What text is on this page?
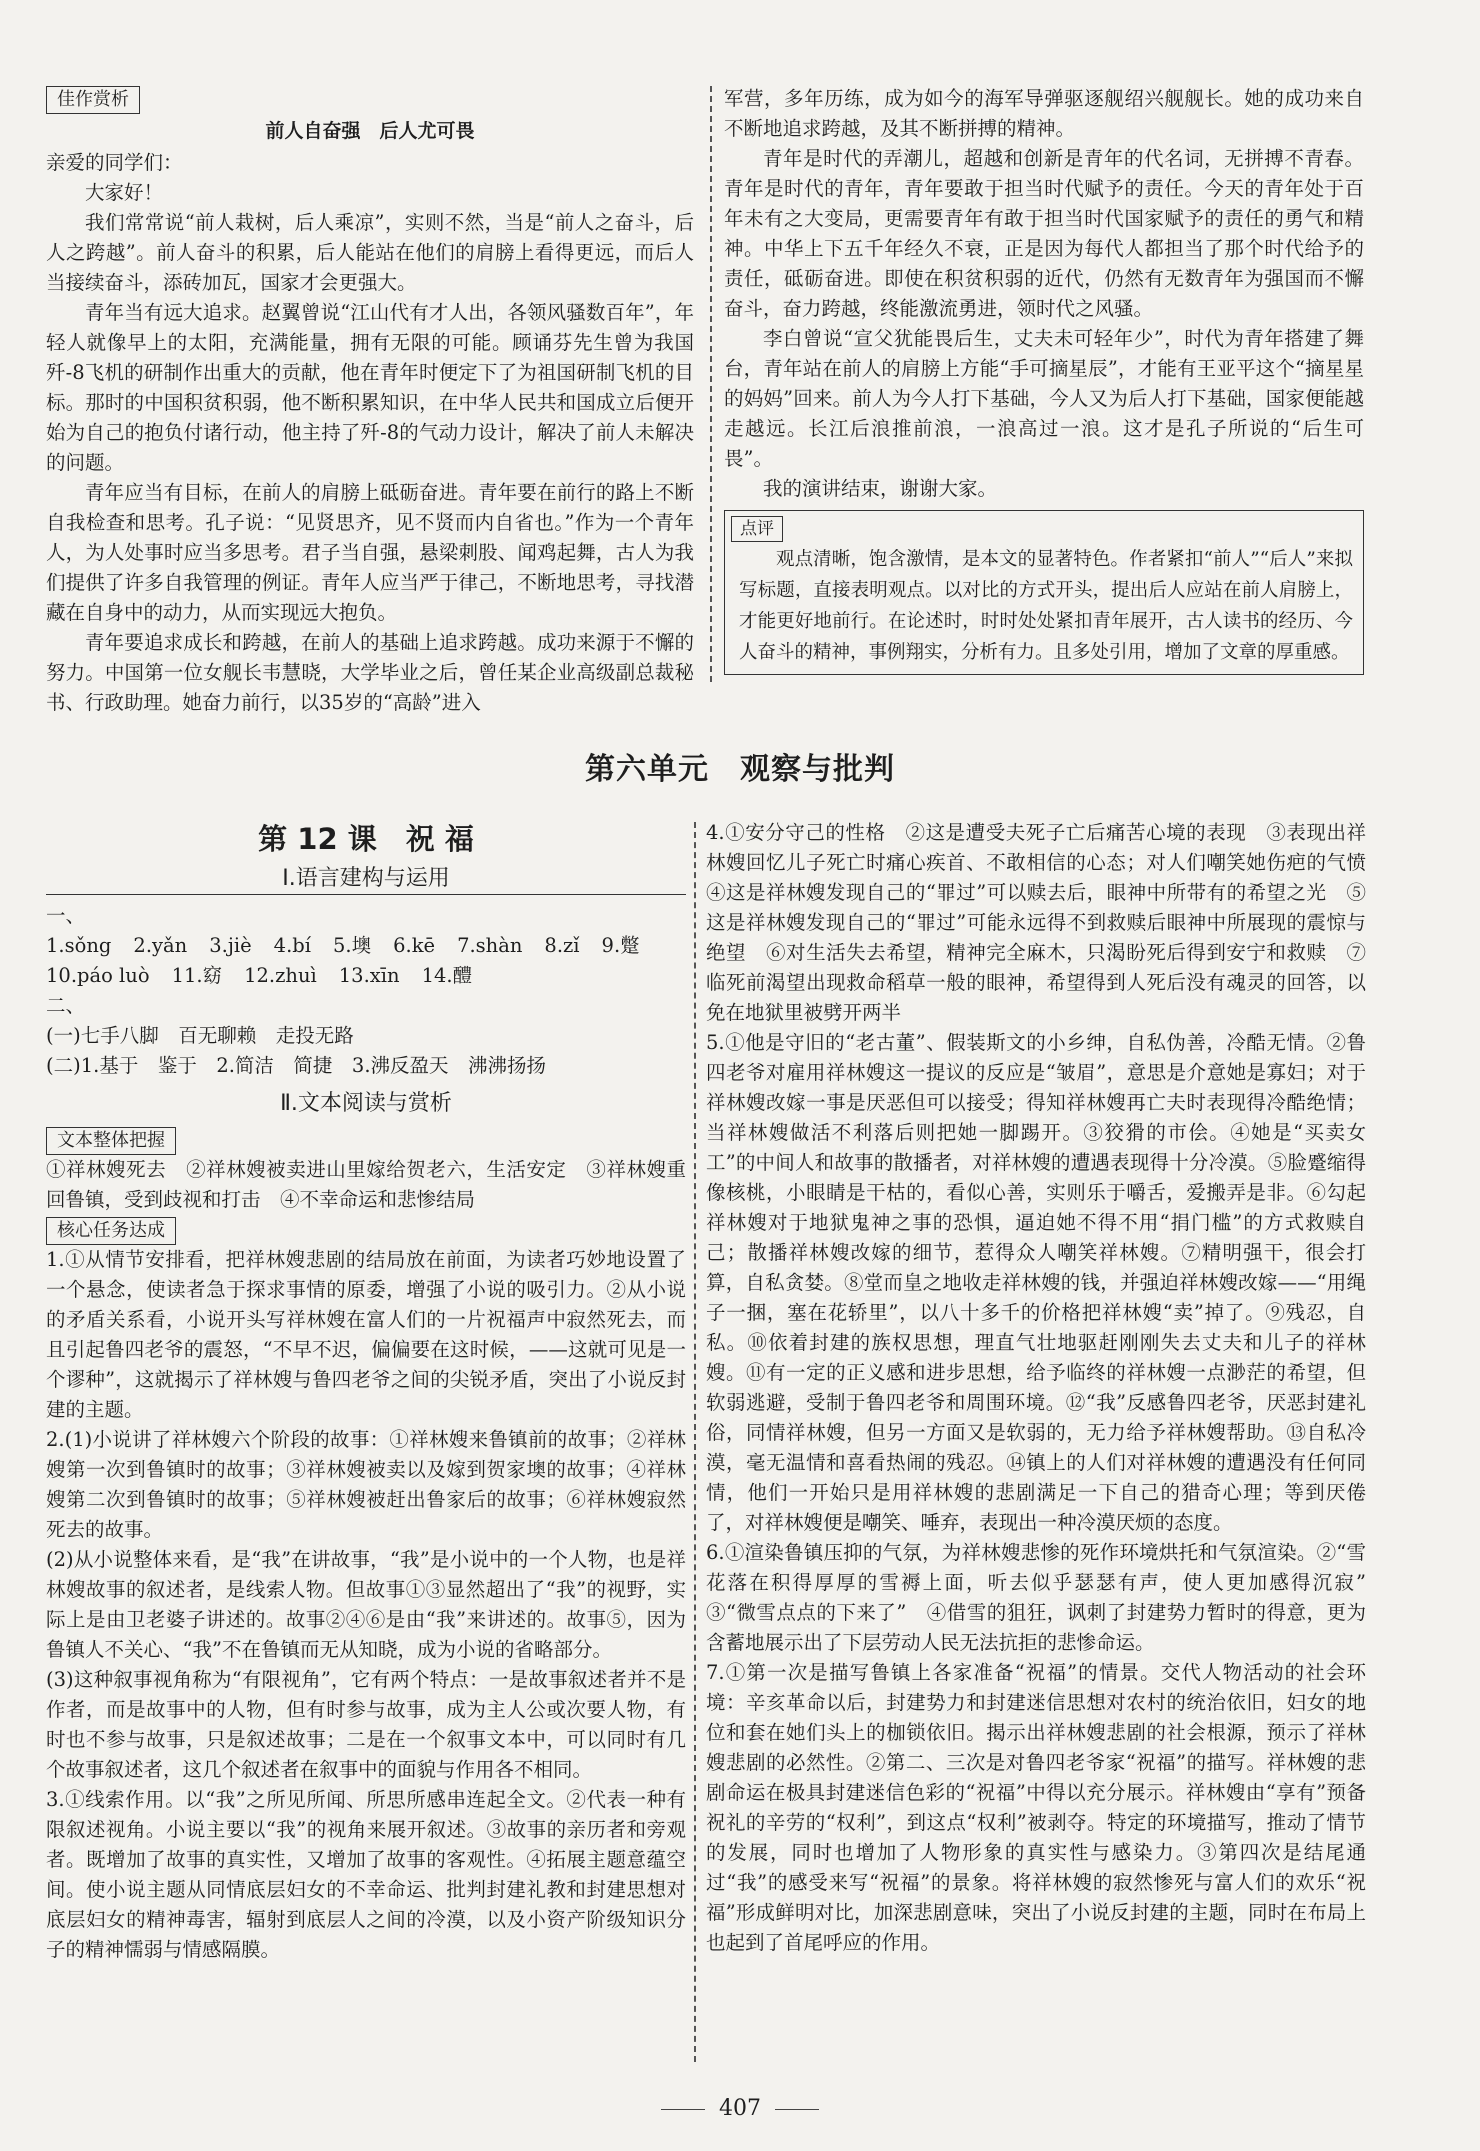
佳作赏析
前人自奋强　后人尤可畏

亲爱的同学们：

大家好！

我们常常说“前人栽树，后人乘凉”，实则不然，当是“前人之奋斗，后人之跨越”。前人奋斗的积累，后人能站在他们的肩膀上看得更远，而后人当接续奋斗，添砖加瓦，国家才会更强大。

青年当有远大追求。赵翼曾说“江山代有才人出，各领风骚数百年”，年轻人就像早上的太阳，充满能量，拥有无限的可能。顾诵芬先生曾为我国歼-8飞机的研制作出重大的贡献，他在青年时便定下了为祖国研制飞机的目标。那时的中国积贫积弱，他不断积累知识，在中华人民共和国成立后便开始为自己的抱负付诸行动，他主持了歼-8的气动力设计，解决了前人未解决的问题。

青年应当有目标，在前人的肩膀上砥砺奋进。青年要在前行的路上不断自我检查和思考。孔子说：“见贤思齐，见不贤而内自省也。”作为一个青年人，为人处事时应当多思考。君子当自强，悬梁刺股、闻鸡起舞，古人为我们提供了许多自我管理的例证。青年人应当严于律己，不断地思考，寻找潜藏在自身中的动力，从而实现远大抱负。

青年要追求成长和跨越，在前人的基础上追求跨越。成功来源于不懈的努力。中国第一位女舰长韦慧晓，大学毕业之后，曾任某企业高级副总裁秘书、行政助理。她奋力前行，以35岁的“高龄”进入

军营，多年历练，成为如今的海军导弹驱逐舰绍兴舰舰长。她的成功来自不断地追求跨越，及其不断拼搏的精神。

青年是时代的弄潮儿，超越和创新是青年的代名词，无拼搏不青春。青年是时代的青年，青年要敢于担当时代赋予的责任。今天的青年处于百年未有之大变局，更需要青年有敢于担当时代国家赋予的责任的勇气和精神。中华上下五千年经久不衰，正是因为每代人都担当了那个时代给予的责任，砥砺奋进。即使在积贫积弱的近代，仍然有无数青年为强国而不懈奋斗，奋力跨越，终能激流勇进，领时代之风骚。

李白曾说“宣父犹能畏后生，丈夫未可轻年少”，时代为青年搭建了舞台，青年站在前人的肩膀上方能“手可摘星辰”，才能有王亚平这个“摘星星的妈妈”回来。前人为今人打下基础，今人又为后人打下基础，国家便能越走越远。长江后浪推前浪，一浪高过一浪。这才是孔子所说的“后生可畏”。

我的演讲结束，谢谢大家。

点评

观点清晰，饱含激情，是本文的显著特色。作者紧扣“前人”“后人”来拟写标题，直接表明观点。以对比的方式开头，提出后人应站在前人肩膀上，才能更好地前行。在论述时，时时处处紧扣青年展开，古人读书的经历、今人奋斗的精神，事例翔实，分析有力。且多处引用，增加了文章的厚重感。

第六单元　观察与批判
第 12 课　祝 福
Ⅰ.语言建构与运用

一、

1.sǒng 2.yǎn 3.jiè 4.bí 5.墺 6.kē 7.shàn 8.zǐ 9.蹩
10.páo luò 11.窈 12.zhuì 13.xīn 14.醴

二、

(一)七手八脚　百无聊赖　走投无路

(二)1.基于　鉴于　2.简洁　简捷　3.沸反盈天　沸沸扬扬

Ⅱ.文本阅读与赏析
文本整体把握

①祥林嫂死去　②祥林嫂被卖进山里嫁给贺老六，生活安定　③祥林嫂重回鲁镇，受到歧视和打击　④不幸命运和悲惨结局

核心任务达成

1.①从情节安排看，把祥林嫂悲剧的结局放在前面，为读者巧妙地设置了一个悬念，使读者急于探求事情的原委，增强了小说的吸引力。②从小说的矛盾关系看，小说开头写祥林嫂在富人们的一片祝福声中寂然死去，而且引起鲁四老爷的震怒，“不早不迟，偏偏要在这时候，——这就可见是一个谬种”，这就揭示了祥林嫂与鲁四老爷之间的尖锐矛盾，突出了小说反封建的主题。

2.(1)小说讲了祥林嫂六个阶段的故事：①祥林嫂来鲁镇前的故事；②祥林嫂第一次到鲁镇时的故事；③祥林嫂被卖以及嫁到贺家墺的故事；④祥林嫂第二次到鲁镇时的故事；⑤祥林嫂被赶出鲁家后的故事；⑥祥林嫂寂然死去的故事。

(2)从小说整体来看，是“我”在讲故事，“我”是小说中的一个人物，也是祥林嫂故事的叙述者，是线索人物。但故事①③显然超出了“我”的视野，实际上是由卫老婆子讲述的。故事②④⑥是由“我”来讲述的。故事⑤，因为鲁镇人不关心、“我”不在鲁镇而无从知晓，成为小说的省略部分。

(3)这种叙事视角称为“有限视角”，它有两个特点：一是故事叙述者并不是作者，而是故事中的人物，但有时参与故事，成为主人公或次要人物，有时也不参与故事，只是叙述故事；二是在一个叙事文本中，可以同时有几个故事叙述者，这几个叙述者在叙事中的面貌与作用各不相同。

3.①线索作用。以“我”之所见所闻、所思所感串连起全文。②代表一种有限叙述视角。小说主要以“我”的视角来展开叙述。③故事的亲历者和旁观者。既增加了故事的真实性，又增加了故事的客观性。④拓展主题意蕴空间。使小说主题从同情底层妇女的不幸命运、批判封建礼教和封建思想对底层妇女的精神毒害，辐射到底层人之间的冷漠，以及小资产阶级知识分子的精神懦弱与情感隔膜。

4.①安分守己的性格　②这是遭受夫死子亡后痛苦心境的表现　③表现出祥林嫂回忆儿子死亡时痛心疾首、不敢相信的心态；对人们嘲笑她伤疤的气愤　④这是祥林嫂发现自己的“罪过”可以赎去后，眼神中所带有的希望之光　⑤这是祥林嫂发现自己的“罪过”可能永远得不到救赎后眼神中所展现的震惊与绝望　⑥对生活失去希望，精神完全麻木，只渴盼死后得到安宁和救赎　⑦临死前渴望出现救命稻草一般的眼神，希望得到人死后没有魂灵的回答，以免在地狱里被劈开两半

5.①他是守旧的“老古董”、假装斯文的小乡绅，自私伪善，冷酷无情。②鲁四老爷对雇用祥林嫂这一提议的反应是“皱眉”，意思是介意她是寡妇；对于祥林嫂改嫁一事是厌恶但可以接受；得知祥林嫂再亡夫时表现得冷酷绝情；当祥林嫂做活不利落后则把她一脚踢开。③狡猾的市侩。④她是“买卖女工”的中间人和故事的散播者，对祥林嫂的遭遇表现得十分冷漠。⑤脸蹙缩得像核桃，小眼睛是干枯的，看似心善，实则乐于嚼舌，爱搬弄是非。⑥勾起祥林嫂对于地狱鬼神之事的恐惧，逼迫她不得不用“捐门槛”的方式救赎自己；散播祥林嫂改嫁的细节，惹得众人嘲笑祥林嫂。⑦精明强干，很会打算，自私贪婪。⑧堂而皇之地收走祥林嫂的钱，并强迫祥林嫂改嫁——“用绳子一捆，塞在花轿里”，以八十多千的价格把祥林嫂“卖”掉了。⑨残忍，自私。⑩依着封建的族权思想，理直气壮地驱赶刚刚失去丈夫和儿子的祥林嫂。⑪有一定的正义感和进步思想，给予临终的祥林嫂一点渺茫的希望，但软弱逃避，受制于鲁四老爷和周围环境。⑫“我”反感鲁四老爷，厌恶封建礼俗，同情祥林嫂，但另一方面又是软弱的，无力给予祥林嫂帮助。⑬自私冷漠，毫无温情和喜看热闹的残忍。⑭镇上的人们对祥林嫂的遭遇没有任何同情，他们一开始只是用祥林嫂的悲剧满足一下自己的猎奇心理；等到厌倦了，对祥林嫂便是嘲笑、唾弃，表现出一种冷漠厌烦的态度。

6.①渲染鲁镇压抑的气氛，为祥林嫂悲惨的死作环境烘托和气氛渲染。②“雪花落在积得厚厚的雪褥上面，听去似乎瑟瑟有声，使人更加感得沉寂”　③“微雪点点的下来了”　④借雪的狙狂，讽刺了封建势力暂时的得意，更为含蓄地展示出了下层劳动人民无法抗拒的悲惨命运。

7.①第一次是描写鲁镇上各家准备“祝福”的情景。交代人物活动的社会环境：辛亥革命以后，封建势力和封建迷信思想对农村的统治依旧，妇女的地位和套在她们头上的枷锁依旧。揭示出祥林嫂悲剧的社会根源，预示了祥林嫂悲剧的必然性。②第二、三次是对鲁四老爷家“祝福”的描写。祥林嫂的悲剧命运在极具封建迷信色彩的“祝福”中得以充分展示。祥林嫂由“享有”预备祝礼的辛劳的“权利”，到这点“权利”被剥夺。特定的环境描写，推动了情节的发展，同时也增加了人物形象的真实性与感染力。③第四次是结尾通过“我”的感受来写“祝福”的景象。将祥林嫂的寂然惨死与富人们的欢乐“祝福”形成鲜明对比，加深悲剧意味，突出了小说反封建的主题，同时在布局上也起到了首尾呼应的作用。

407
